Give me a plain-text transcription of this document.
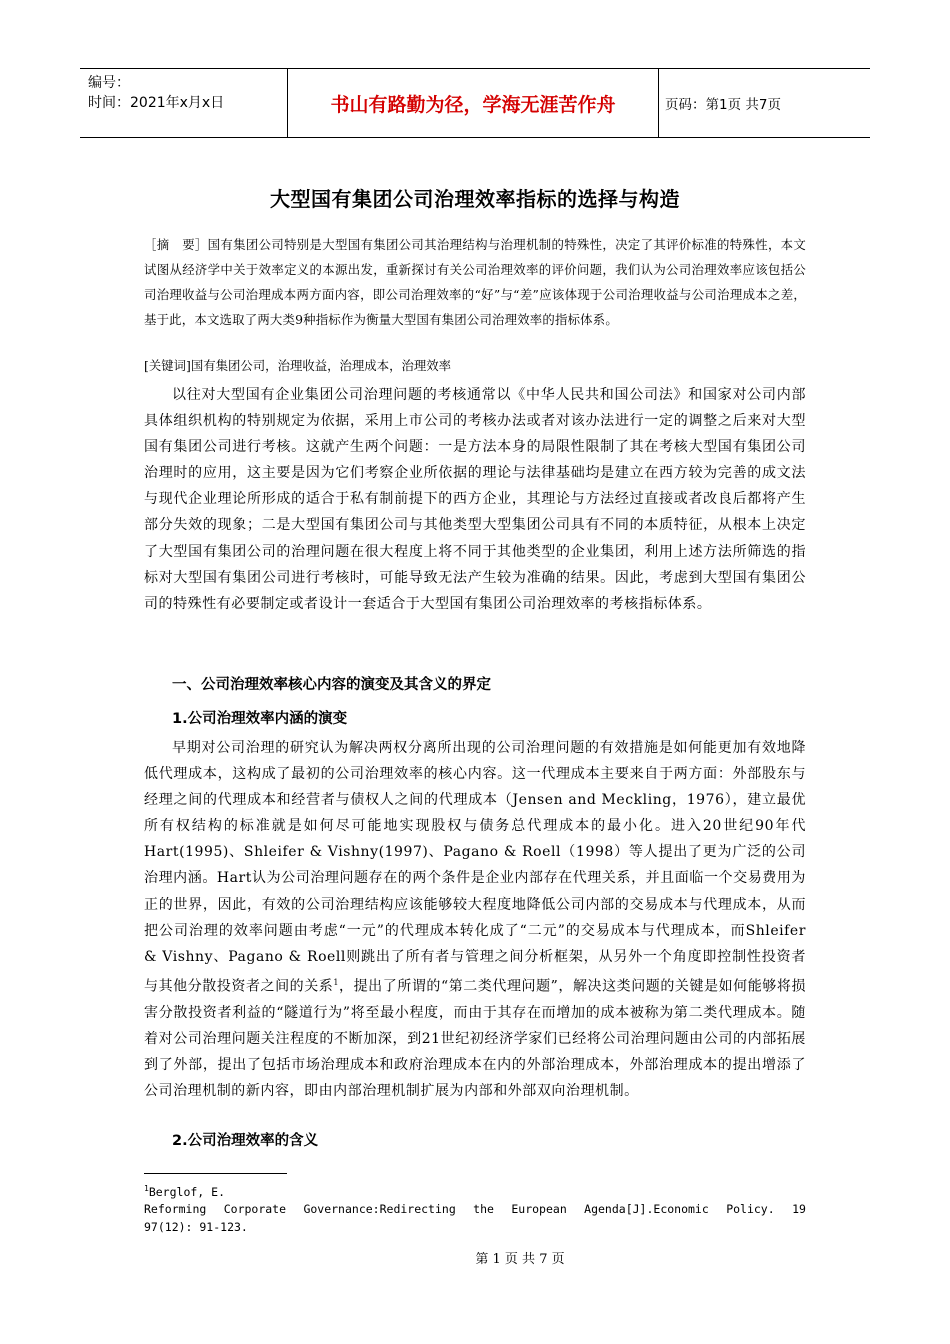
编号：
时间：2021年x月x日	书山有路勤为径，学海无涯苦作舟	页码：第1页 共7页
大型国有集团公司治理效率指标的选择与构造
［摘　要］国有集团公司特别是大型国有集团公司其治理结构与治理机制的特殊性，决定了其评价标准的特殊性，本文试图从经济学中关于效率定义的本源出发，重新探讨有关公司治理效率的评价问题，我们认为公司治理效率应该包括公司治理收益与公司治理成本两方面内容，即公司治理效率的“好”与“差”应该体现于公司治理收益与公司治理成本之差，基于此，本文选取了两大类9种指标作为衡量大型国有集团公司治理效率的指标体系。
[关键词]国有集团公司，治理收益，治理成本，治理效率
以往对大型国有企业集团公司治理问题的考核通常以《中华人民共和国公司法》和国家对公司内部具体组织机构的特别规定为依据，采用上市公司的考核办法或者对该办法进行一定的调整之后来对大型国有集团公司进行考核。这就产生两个问题：一是方法本身的局限性限制了其在考核大型国有集团公司治理时的应用，这主要是因为它们考察企业所依据的理论与法律基础均是建立在西方较为完善的成文法与现代企业理论所形成的适合于私有制前提下的西方企业，其理论与方法经过直接或者改良后都将产生部分失效的现象；二是大型国有集团公司与其他类型大型集团公司具有不同的本质特征，从根本上决定了大型国有集团公司的治理问题在很大程度上将不同于其他类型的企业集团，利用上述方法所筛选的指标对大型国有集团公司进行考核时，可能导致无法产生较为准确的结果。因此，考虑到大型国有集团公司的特殊性有必要制定或者设计一套适合于大型国有集团公司治理效率的考核指标体系。
一、公司治理效率核心内容的演变及其含义的界定
1.公司治理效率内涵的演变
早期对公司治理的研究认为解决两权分离所出现的公司治理问题的有效措施是如何能更加有效地降低代理成本，这构成了最初的公司治理效率的核心内容。这一代理成本主要来自于两方面：外部股东与经理之间的代理成本和经营者与债权人之间的代理成本（Jensen and Meckling，1976），建立最优所有权结构的标准就是如何尽可能地实现股权与债务总代理成本的最小化。进入20世纪90年代Hart(1995)、Shleifer & Vishny(1997)、Pagano & Roell（1998）等人提出了更为广泛的公司治理内涵。Hart认为公司治理问题存在的两个条件是企业内部存在代理关系，并且面临一个交易费用为正的世界，因此，有效的公司治理结构应该能够较大程度地降低公司内部的交易成本与代理成本，从而把公司治理的效率问题由考虑“一元”的代理成本转化成了“二元”的交易成本与代理成本，而Shleifer & Vishny、Pagano & Roell则跳出了所有者与管理之间分析框架，从另外一个角度即控制性投资者与其他分散投资者之间的关系$^1$，提出了所谓的“第二类代理问题”，解决这类问题的关键是如何能够将损害分散投资者利益的“隧道行为”将至最小程度，而由于其存在而增加的成本被称为第二类代理成本。随着对公司治理问题关注程度的不断加深，到21世纪初经济学家们已经将公司治理问题由公司的内部拓展到了外部，提出了包括市场治理成本和政府治理成本在内的外部治理成本，外部治理成本的提出增添了公司治理机制的新内容，即由内部治理机制扩展为内部和外部双向治理机制。
2.公司治理效率的含义
$^1$Berglof, E.
Reforming Corporate Governance:Redirecting the European Agenda[J].Economic Policy. 19
97(12): 91-123.
第 1 页 共 7 页
